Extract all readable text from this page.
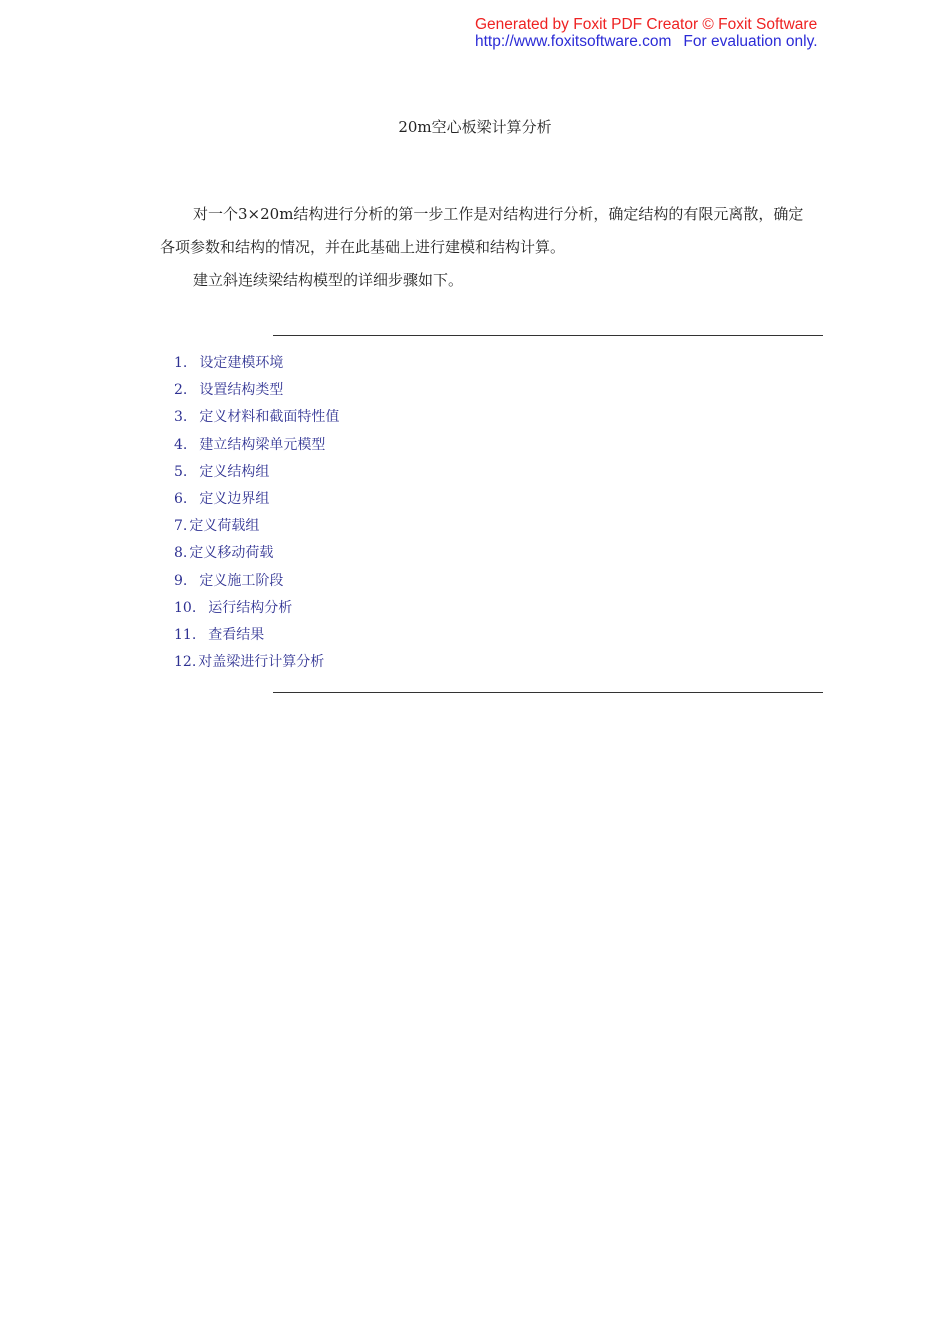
Generated by Foxit PDF Creator © Foxit Software
http://www.foxitsoftware.com For evaluation only.
20m空心板梁计算分析

对一个3×20m结构进行分析的第一步工作是对结构进行分析，确定结构的有限元离散，确定各项参数和结构的情况，并在此基础上进行建模和结构计算。

建立斜连续梁结构模型的详细步骤如下。

1. 设定建模环境
2. 设置结构类型
3. 定义材料和截面特性值
4. 建立结构梁单元模型
5. 定义结构组
6. 定义边界组
7. 定义荷载组
8. 定义移动荷载
9. 定义施工阶段
10. 运行结构分析
11. 查看结果
12. 对盖梁进行计算分析
